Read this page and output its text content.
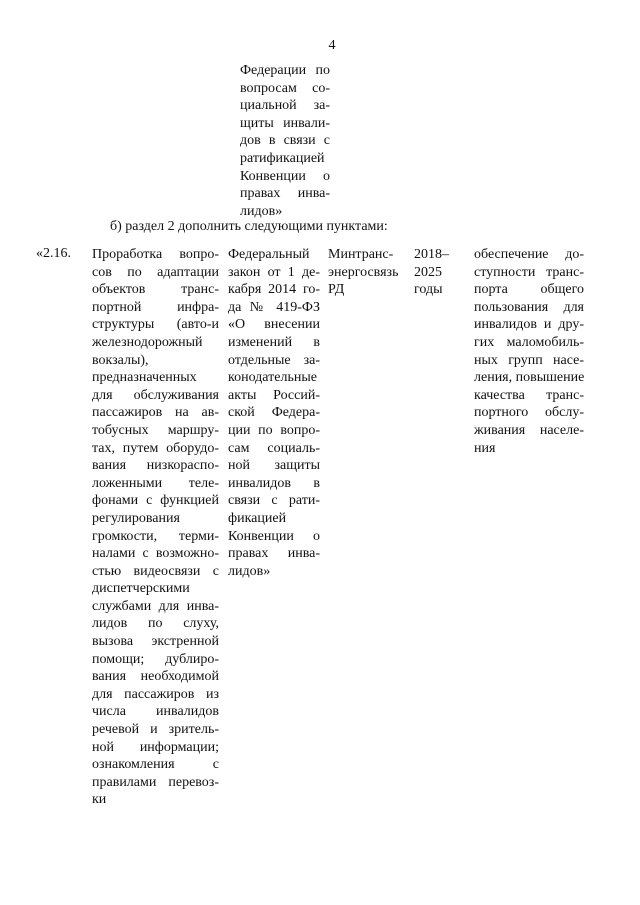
4
Федерации по
вопросам со-
циальной за-
щиты инвали-
дов в связи с
ратификацией
Конвенции о
правах инва-
лидов»
б) раздел 2 дополнить следующими пунктами:
«2.16. Проработка вопро-
сов по адаптации
объектов транс-
портной инфра-
структуры (авто-и
железнодорожный
вокзалы),
предназначенных
для обслуживания
пассажиров на ав-
тобусных маршру-
тах, путем оборудо-
вания низкораспо-
ложенными теле-
фонами с функцией
регулирования
громкости, терми-
налами с возможно-
стью видеосвязи с
диспетчерскими
службами для инва-
лидов по слуху,
вызова экстренной
помощи; дублиро-
вания необходимой
для пассажиров из
числа инвалидов
речевой и зритель-
ной информации;
ознакомления с
правилами перевоз-
ки
Федеральный
закон от 1 де-
кабря 2014 го-
да № 419-ФЗ
«О внесении
изменений в
отдельные за-
конодательные
акты Россий-
ской Федера-
ции по вопро-
сам социаль-
ной защиты
инвалидов в
связи с рати-
фикацией
Конвенции о
правах инва-
лидов»
Минтранс-
энергосвязь
РД
2018–
2025
годы
обеспечение до-
ступности транс-
порта общего
пользования для
инвалидов и дру-
гих маломобиль-
ных групп насе-
ления, повышение
качества транс-
портного обслу-
живания населе-
ния
